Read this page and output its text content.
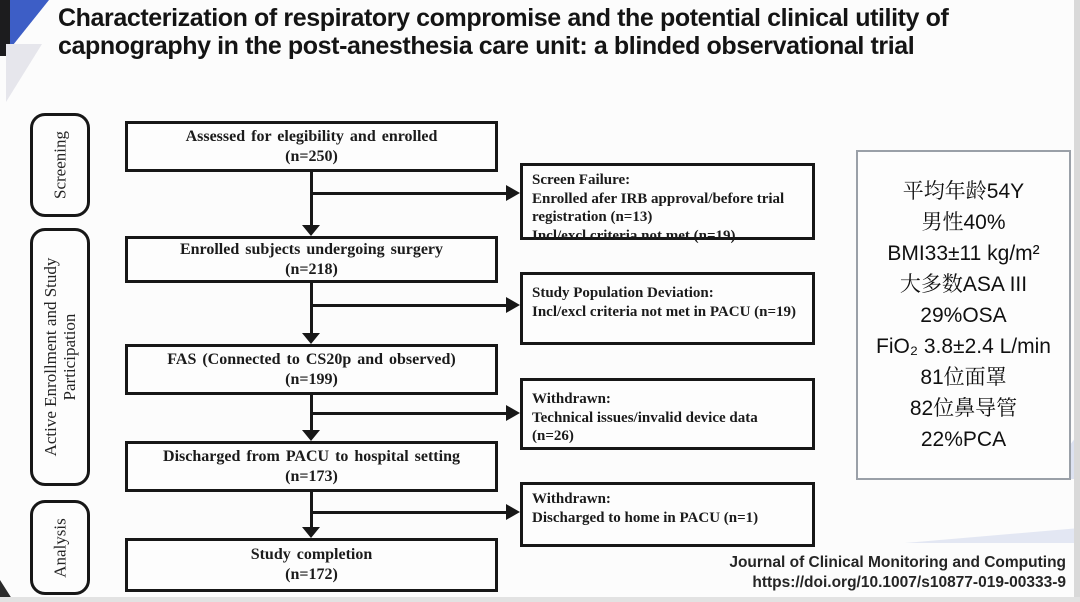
Characterization of respiratory compromise and the potential clinical utility of capnography in the post-anesthesia care unit: a blinded observational trial
Screening
Active Enrollment and Study Participation
Analysis
Assessed for elegibility and enrolled
(n=250)
Enrolled subjects undergoing surgery
(n=218)
FAS (Connected to CS20p and observed)
(n=199)
Discharged from PACU to hospital setting
(n=173)
Study completion
(n=172)
Screen Failure:
Enrolled afer IRB approval/before trial registration (n=13)
Incl/excl criteria not met (n=19)
Study Population Deviation:
Incl/excl criteria not met in PACU (n=19)
Withdrawn:
Technical issues/invalid device data (n=26)
Withdrawn:
Discharged to home in PACU (n=1)
平均年龄54Y
男性40%
BMI33±11 kg/m²
大多数ASA III
29%OSA
FiO₂ 3.8±2.4 L/min
81位面罩
82位鼻导管
22%PCA
Journal of Clinical Monitoring and Computing
https://doi.org/10.1007/s10877-019-00333-9
